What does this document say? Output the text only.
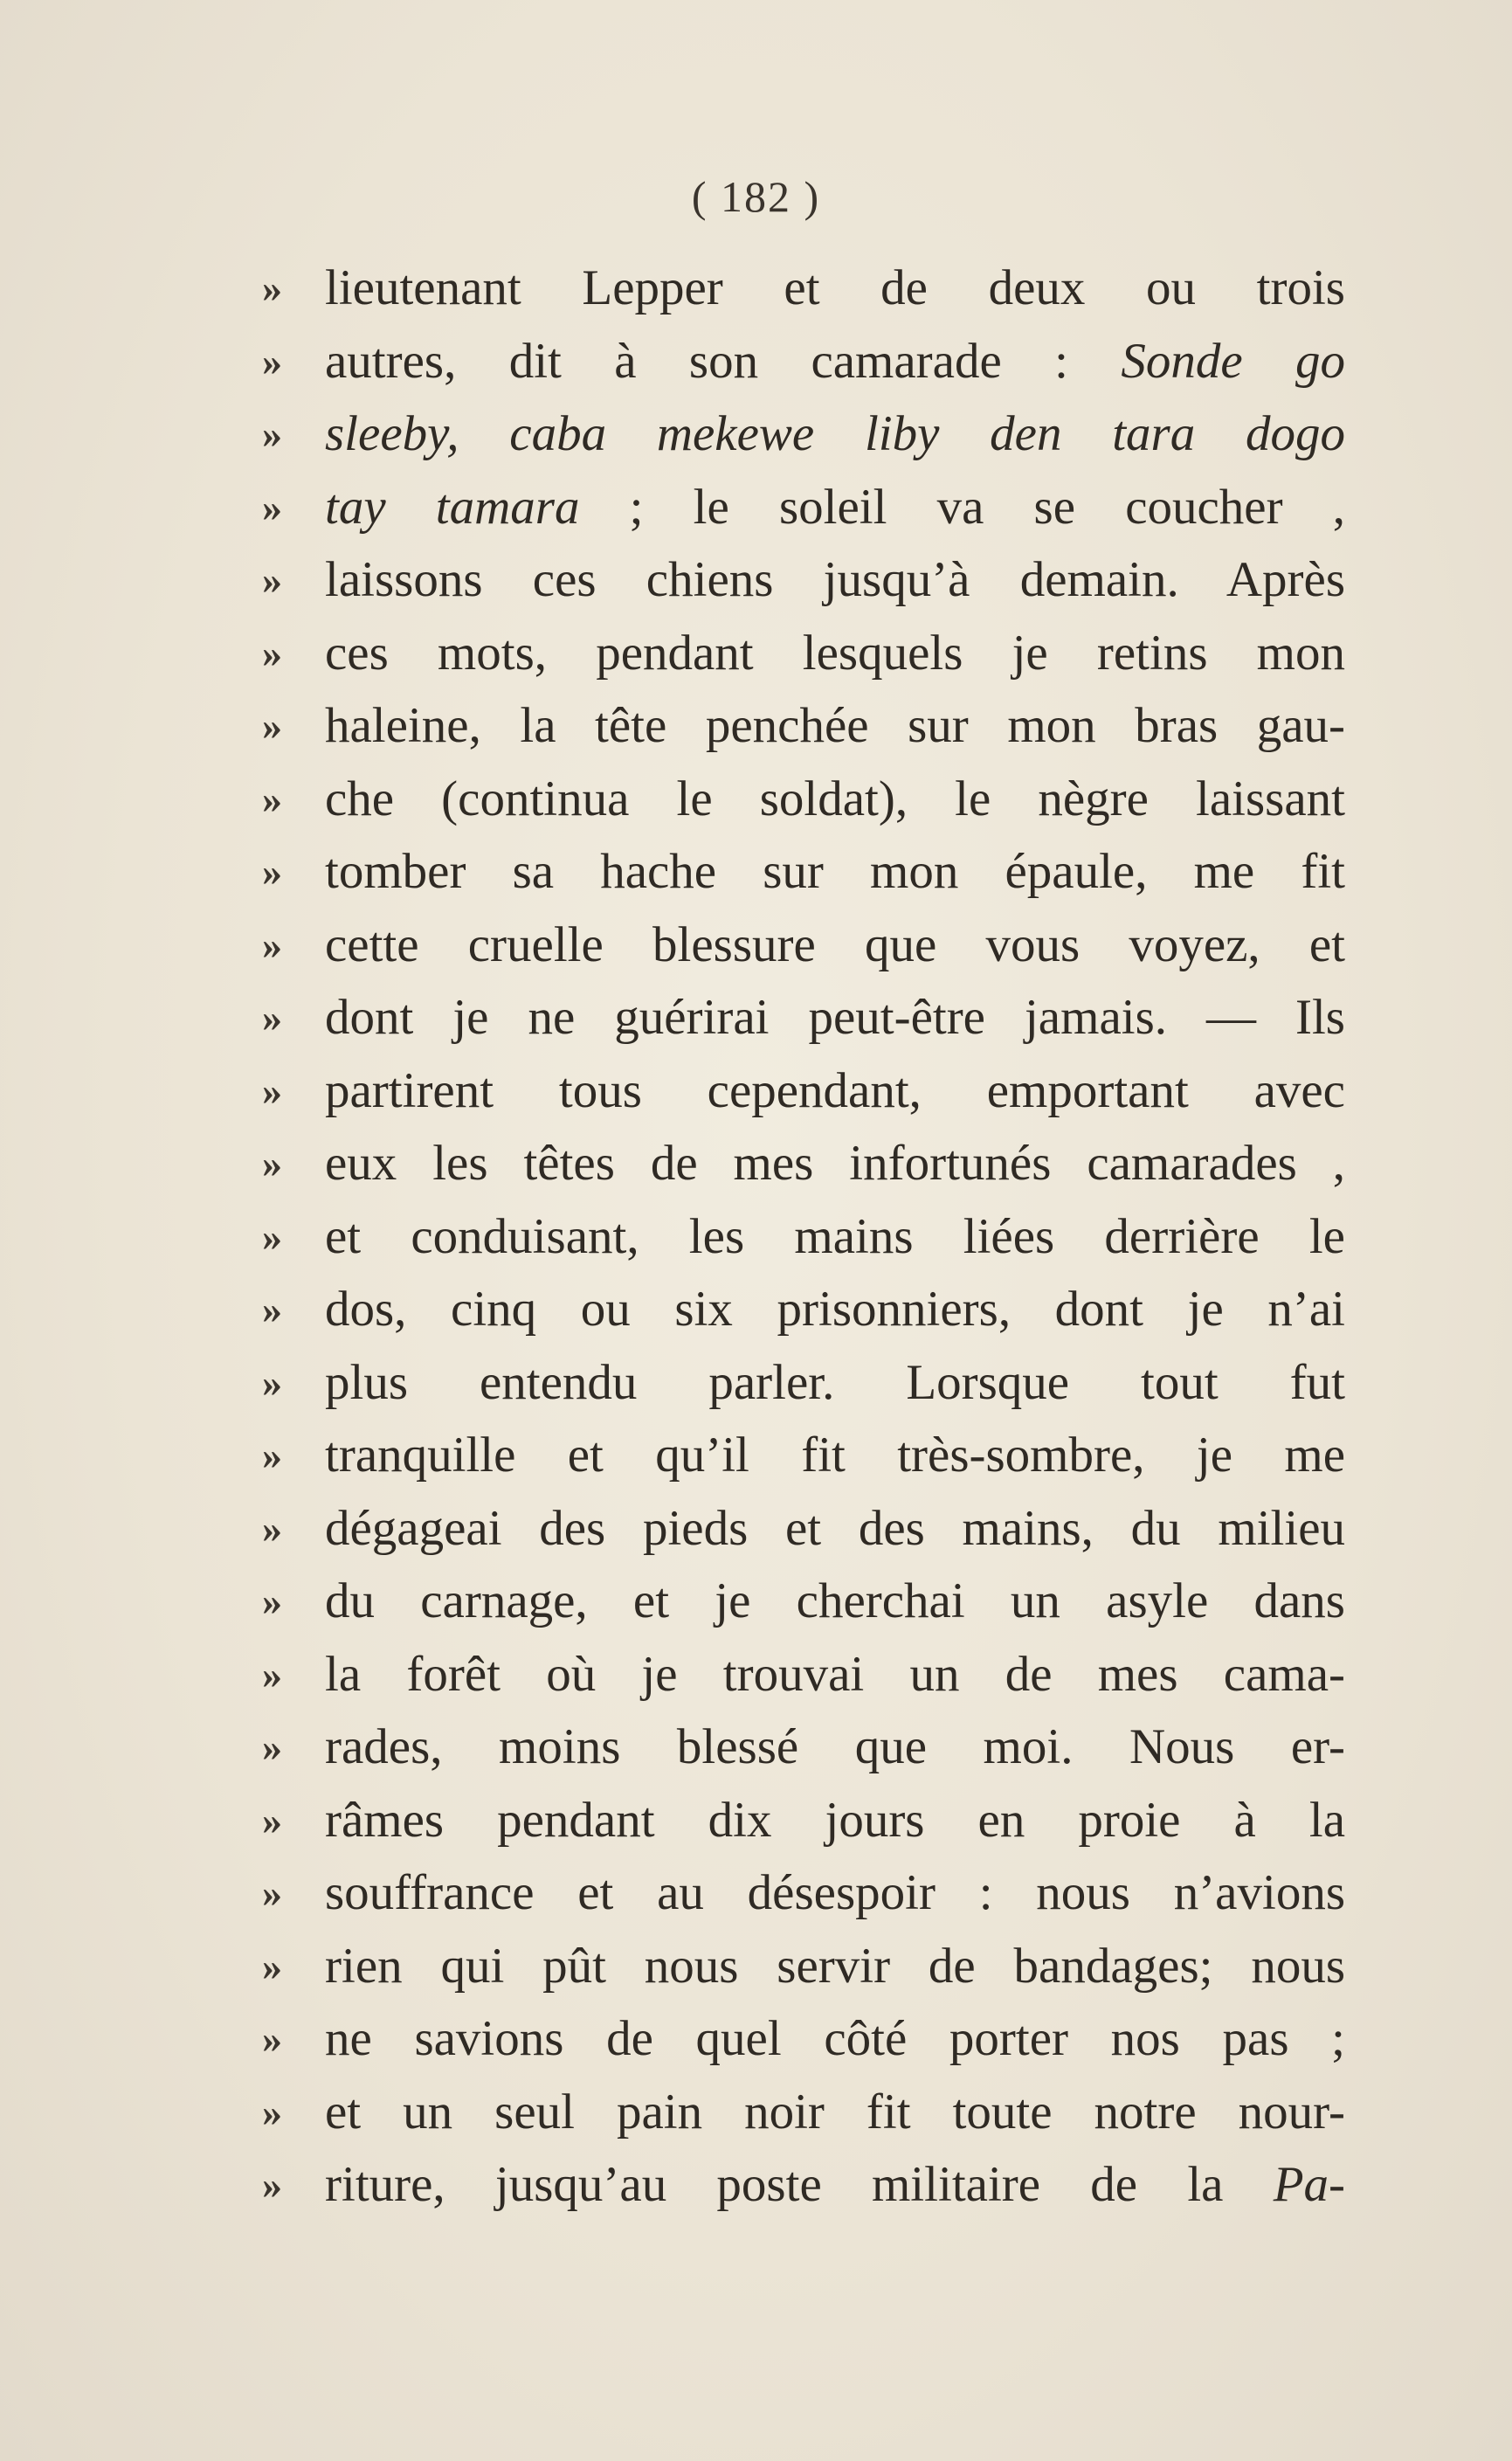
( 182 )
» lieutenant Lepper et de deux ou trois
» autres, dit à son camarade : Sonde go
» sleeby, caba mekewe liby den tara dogo
» tay tamara ; le soleil va se coucher ,
» laissons ces chiens jusqu’à demain. Après
» ces mots, pendant lesquels je retins mon
» haleine, la tête penchée sur mon bras gau-
» che (continua le soldat), le nègre laissant
» tomber sa hache sur mon épaule, me fit
» cette cruelle blessure que vous voyez, et
» dont je ne guérirai peut-être jamais. — Ils
» partirent tous cependant, emportant avec
» eux les têtes de mes infortunés camarades ,
» et conduisant, les mains liées derrière le
» dos, cinq ou six prisonniers, dont je n’ai
» plus entendu parler. Lorsque tout fut
» tranquille et qu’il fit très-sombre, je me
» dégageai des pieds et des mains, du milieu
» du carnage, et je cherchai un asyle dans
» la forêt où je trouvai un de mes cama-
» rades, moins blessé que moi. Nous er-
» râmes pendant dix jours en proie à la
» souffrance et au désespoir : nous n’avions
» rien qui pût nous servir de bandages; nous
» ne savions de quel côté porter nos pas ;
» et un seul pain noir fit toute notre nour-
» riture, jusqu’au poste militaire de la Pa-
